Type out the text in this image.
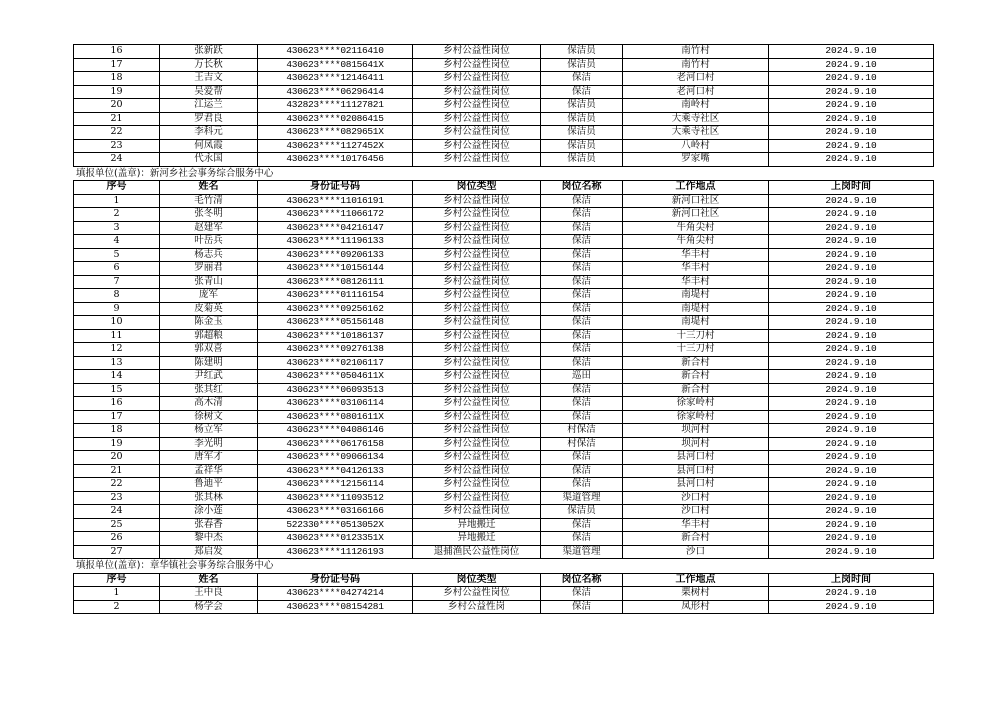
16	张新跃	430623****02116410	乡村公益性岗位	保洁员	南竹村	2024.9.10
17	万长秋	430623****0815641X	乡村公益性岗位	保洁员	南竹村	2024.9.10
18	王吉文	430623****12146411	乡村公益性岗位	保洁	老河口村	2024.9.10
19	吴爱帮	430623****06296414	乡村公益性岗位	保洁	老河口村	2024.9.10
20	江运兰	432823****11127821	乡村公益性岗位	保洁员	南岭村	2024.9.10
21	罗君良	430623****02086415	乡村公益性岗位	保洁员	大乘寺社区	2024.9.10
22	李科元	430623****0829651X	乡村公益性岗位	保洁员	大乘寺社区	2024.9.10
23	何凤霞	430623****1127452X	乡村公益性岗位	保洁员	八岭村	2024.9.10
24	代永国	430623****10176456	乡村公益性岗位	保洁员	罗家嘴	2024.9.10
填报单位(盖章)：新河乡社会事务综合服务中心
序号	姓名	身份证号码	岗位类型	岗位名称	工作地点	上岗时间
1	毛竹清	430623****11016191	乡村公益性岗位	保洁	新河口社区	2024.9.10
2	张冬明	430623****11066172	乡村公益性岗位	保洁	新河口社区	2024.9.10
3	赵建军	430623****04216147	乡村公益性岗位	保洁	牛角尖村	2024.9.10
4	叶岳兵	430623****11196133	乡村公益性岗位	保洁	牛角尖村	2024.9.10
5	杨志兵	430623****09206133	乡村公益性岗位	保洁	华丰村	2024.9.10
6	罗丽君	430623****10156144	乡村公益性岗位	保洁	华丰村	2024.9.10
7	张青山	430623****08126111	乡村公益性岗位	保洁	华丰村	2024.9.10
8	庞军	430623****01116154	乡村公益性岗位	保洁	南堤村	2024.9.10
9	皮菊英	430623****09256162	乡村公益性岗位	保洁	南堤村	2024.9.10
10	陈金玉	430623****05156148	乡村公益性岗位	保洁	南堤村	2024.9.10
11	郭超粮	430623****10186137	乡村公益性岗位	保洁	十三刀村	2024.9.10
12	郭双喜	430623****09276138	乡村公益性岗位	保洁	十三刀村	2024.9.10
13	陈建明	430623****02106117	乡村公益性岗位	保洁	新合村	2024.9.10
14	尹红武	430623****0504611X	乡村公益性岗位	巡田	新合村	2024.9.10
15	张其红	430623****06093513	乡村公益性岗位	保洁	新合村	2024.9.10
16	高木清	430623****03106114	乡村公益性岗位	保洁	徐家岭村	2024.9.10
17	徐树文	430623****0801611X	乡村公益性岗位	保洁	徐家岭村	2024.9.10
18	杨立军	430623****04086146	乡村公益性岗位	村保洁	坝河村	2024.9.10
19	李光明	430623****06176158	乡村公益性岗位	村保洁	坝河村	2024.9.10
20	唐军才	430623****09066134	乡村公益性岗位	保洁	县河口村	2024.9.10
21	孟祥华	430623****04126133	乡村公益性岗位	保洁	县河口村	2024.9.10
22	鲁迪平	430623****12156114	乡村公益性岗位	保洁	县河口村	2024.9.10
23	张其林	430623****11093512	乡村公益性岗位	渠道管理	沙口村	2024.9.10
24	涂小莲	430623****03166166	乡村公益性岗位	保洁员	沙口村	2024.9.10
25	张春香	522330****0513052X	异地搬迁	保洁	华丰村	2024.9.10
26	黎中杰	430623****0123351X	异地搬迁	保洁	新合村	2024.9.10
27	郑启发	430623****11126193	退捕渔民公益性岗位	渠道管理	沙口	2024.9.10
填报单位(盖章)：章华镇社会事务综合服务中心
序号	姓名	身份证号码	岗位类型	岗位名称	工作地点	上岗时间
1	王中良	430623****04274214	乡村公益性岗位	保洁	栗树村	2024.9.10
2	杨学会	430623****08154281	乡村公益性岗	保洁	凤形村	2024.9.10
